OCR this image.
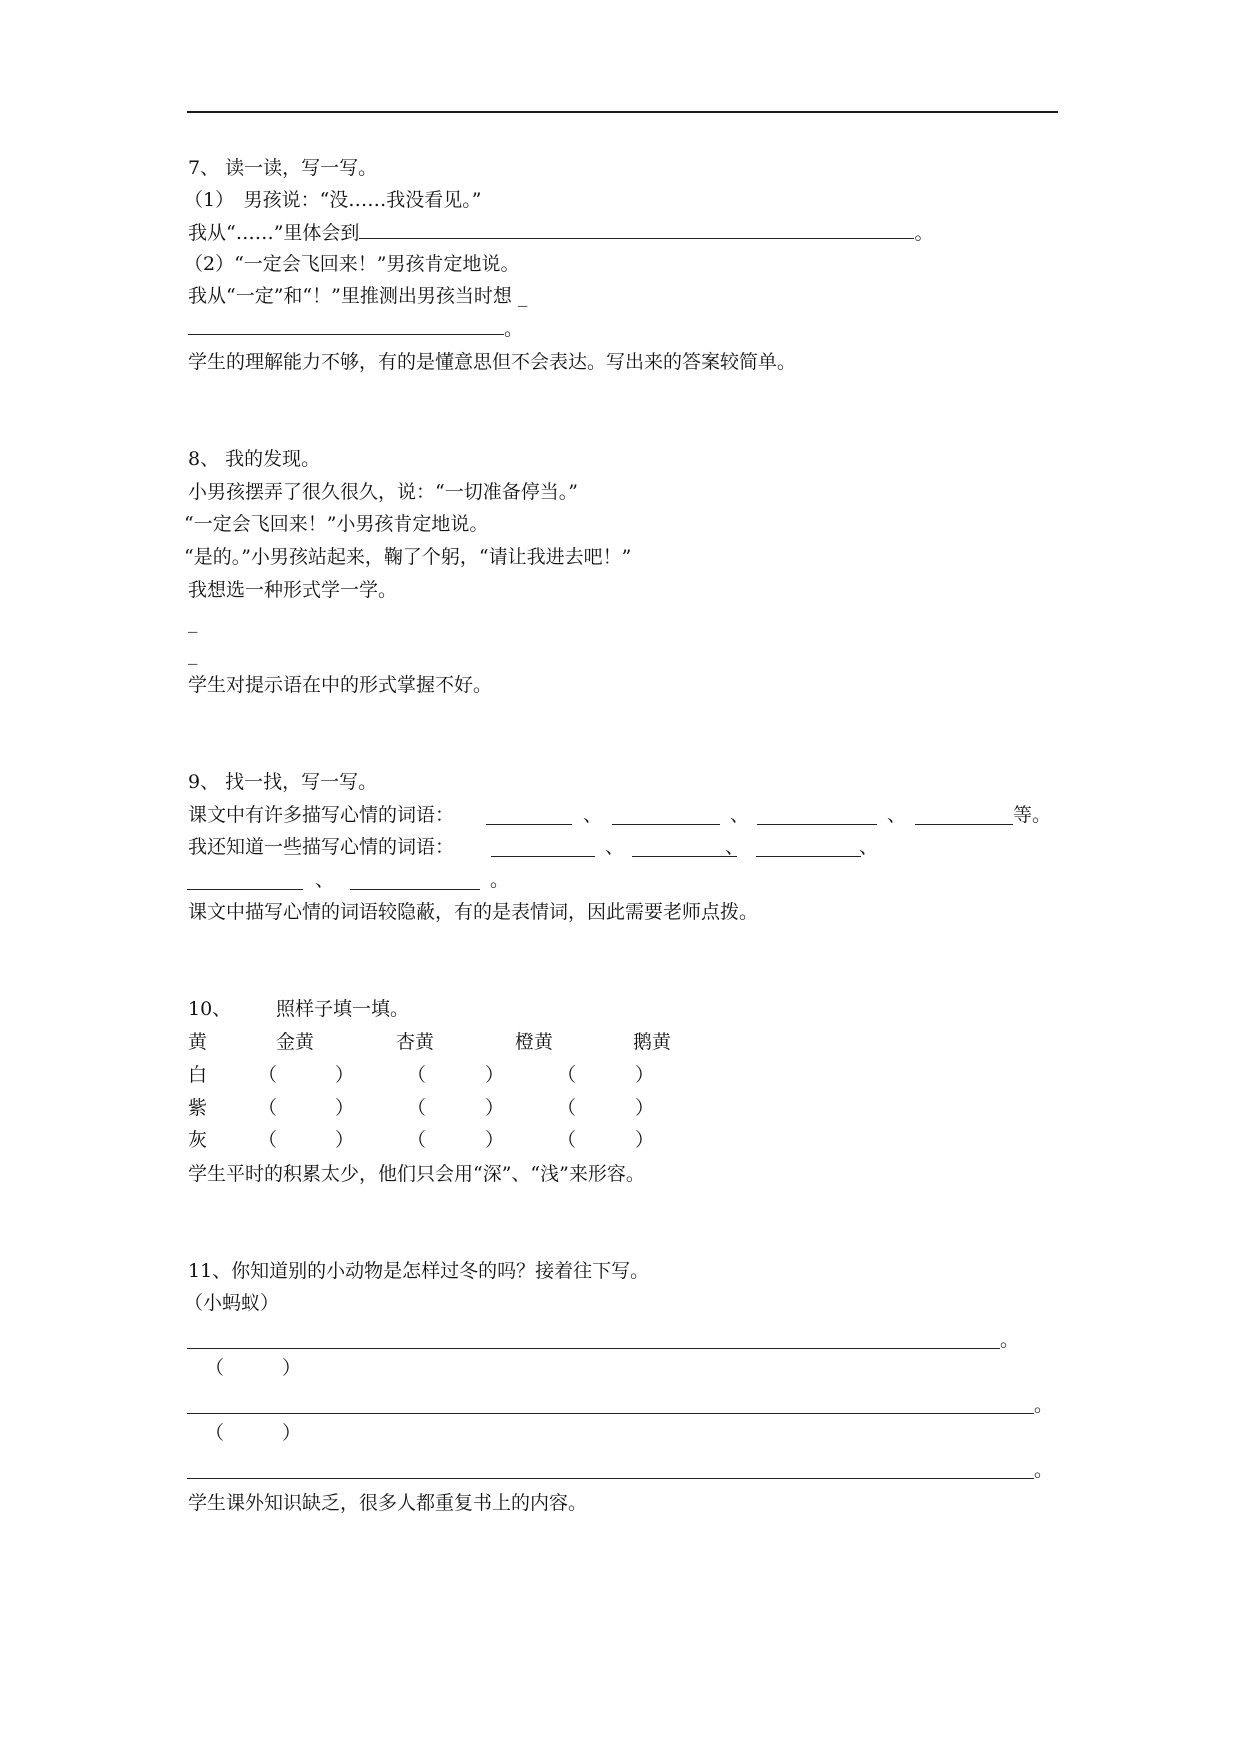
7、 读一读，写一写。
（1）　男孩说：“没……我没看见。”
我从“……”里体会到	。
（2）“一定会飞回来！”男孩肯定地说。
我从“一定”和“！”里推测出男孩当时想 _
。
学生的理解能力不够，有的是懂意思但不会表达。写出来的答案较简单。
8、 我的发现。
小男孩摆弄了很久很久，说：“一切准备停当。”
“一定会飞回来！”小男孩肯定地说。
“是的。”小男孩站起来，鞠了个躬，“请让我进去吧！”
我想选一种形式学一学。
_
_
学生对提示语在中的形式掌握不好。
9、 找一找，写一写。
课文中有许多描写心情的词语：	、	、	、	等。
我还知道一些描写心情的词语：	、	、	、
、	。
课文中描写心情的词语较隐蔽，有的是表情词，因此需要老师点拨。
10、 照样子填一填。
黄	金黄	杏黄	橙黄	鹅黄
白	（	）	（	）	（	）
紫	（	）	（	）	（	）
灰	（	）	（	）	（	）
学生平时的积累太少，他们只会用“深”、“浅”来形容。
11、你知道别的小动物是怎样过冬的吗？接着往下写。
（小蚂蚁）
。
（	）
。
（	）
。
学生课外知识缺乏，很多人都重复书上的内容。
